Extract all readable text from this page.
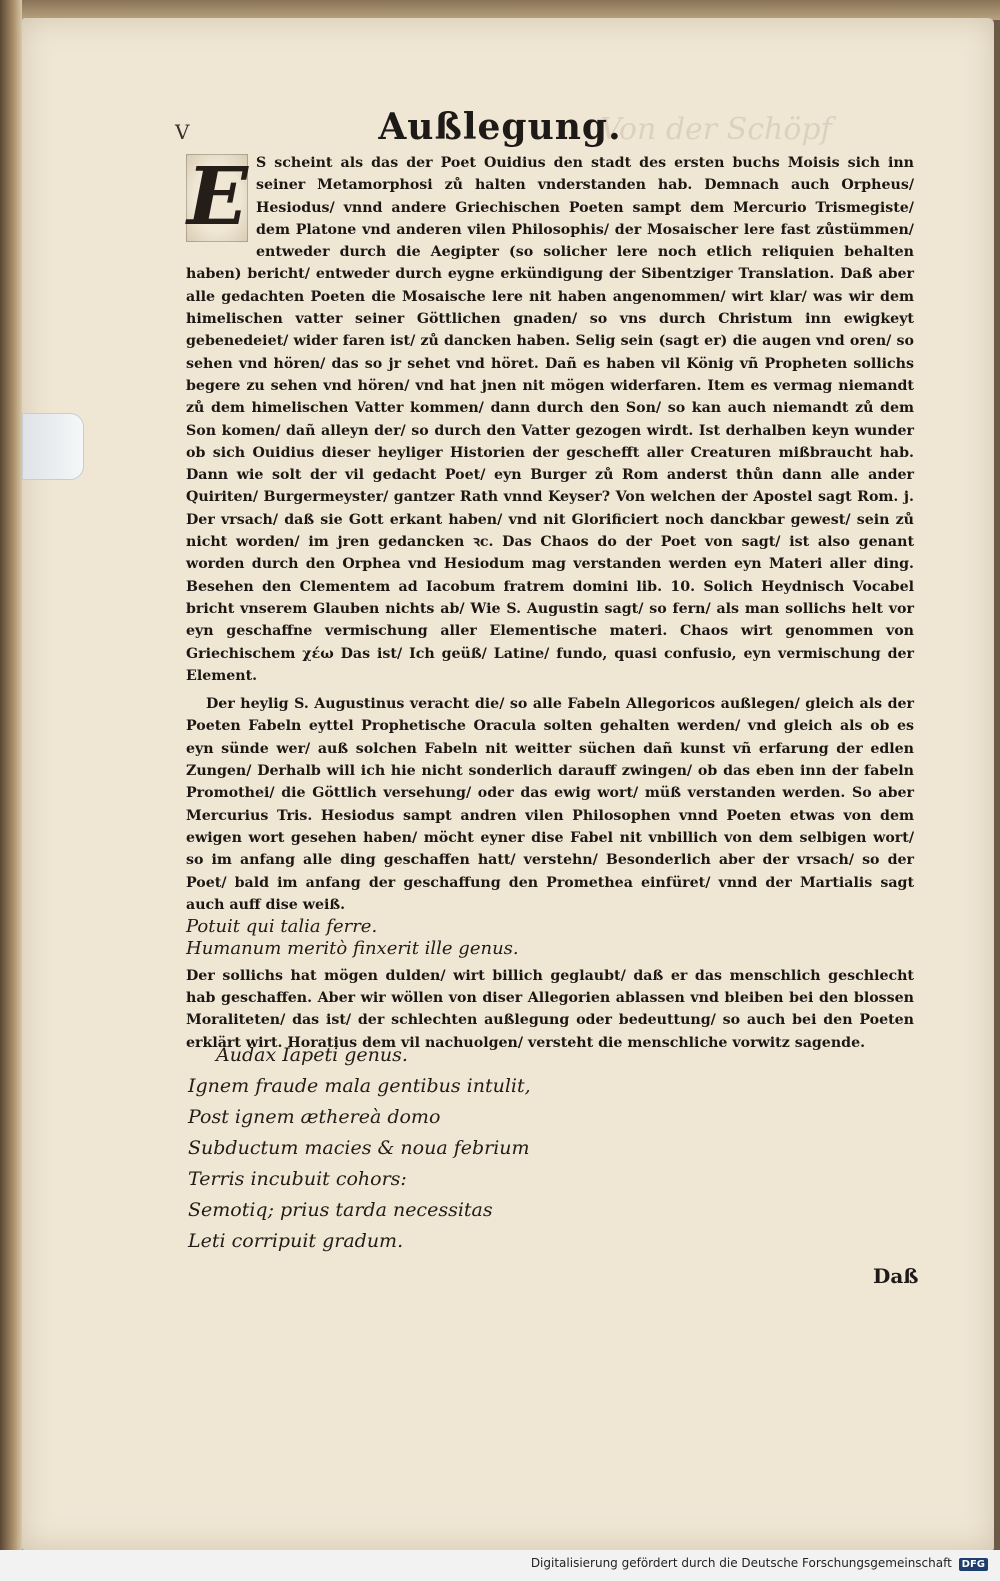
Von der Schöpf
V	Außlegung.

E S scheint als das der Poet Ouidius den stadt des ersten buchs Moisis sich inn seiner Metamorphosi zů halten vnderstanden hab. Demnach auch Orpheus/ Hesiodus/ vnnd andere Griechischen Poeten sampt dem Mercurio Trismegiste/ dem Platone vnd anderen vilen Philosophis/ der Mosaischer lere fast zůstümmen/ entweder durch die Aegipter (so solicher lere noch etlich reliquien behalten haben) bericht/ entweder durch eygne erkündigung der Sibentziger Translation. Daß aber alle gedachten Poeten die Mosaische lere nit haben angenommen/ wirt klar/ was wir dem himelischen vatter seiner Göttlichen gnaden/ so vns durch Christum inn ewigkeyt gebenedeiet/ wider faren ist/ zů dancken haben. Selig sein (sagt er) die augen vnd oren/ so sehen vnd hören/ das so jr sehet vnd höret. Dañ es haben vil König vñ Propheten sollichs begere zu sehen vnd hören/ vnd hat jnen nit mögen widerfaren. Item es vermag niemandt zů dem himelischen Vatter kommen/ dann durch den Son/ so kan auch niemandt zů dem Son komen/ dañ alleyn der/ so durch den Vatter gezogen wirdt. Ist derhalben keyn wunder ob sich Ouidius dieser heyliger Historien der geschefft aller Creaturen mißbraucht hab. Dann wie solt der vil gedacht Poet/ eyn Burger zů Rom anderst thůn dann alle ander Quiriten/ Burgermeyster/ gantzer Rath vnnd Keyser? Von welchen der Apostel sagt Rom. j. Der vrsach/ daß sie Gott erkant haben/ vnd nit Glorificiert noch danckbar gewest/ sein zů nicht worden/ im jren gedancken ꝛc. Das Chaos do der Poet von sagt/ ist also genant worden durch den Orphea vnd Hesiodum mag verstanden werden eyn Materi aller ding. Besehen den Clementem ad Iacobum fratrem domini lib. 10. Solich Heydnisch Vocabel bricht vnserem Glauben nichts ab/ Wie S. Augustin sagt/ so fern/ als man sollichs helt vor eyn geschaffne vermischung aller Elementische materi. Chaos wirt genommen von Griechischem χέω Das ist/ Ich geüß/ Latine/ fundo, quasi confusio, eyn vermischung der Element.

Der heylig S. Augustinus veracht die/ so alle Fabeln Allegoricos außlegen/ gleich als der Poeten Fabeln eyttel Prophetische Oracula solten gehalten werden/ vnd gleich als ob es eyn sünde wer/ auß solchen Fabeln nit weitter süchen dañ kunst vñ erfarung der edlen Zungen/ Derhalb will ich hie nicht sonderlich darauff zwingen/ ob das eben inn der fabeln Promothei/ die Göttlich versehung/ oder das ewig wort/ müß verstanden werden. So aber Mercurius Tris. Hesiodus sampt andren vilen Philosophen vnnd Poeten etwas von dem ewigen wort gesehen haben/ möcht eyner dise Fabel nit vnbillich von dem selbigen wort/ so im anfang alle ding geschaffen hatt/ verstehn/ Besonderlich aber der vrsach/ so der Poet/ bald im anfang der geschaffung den Promethea einfüret/ vnnd der Martialis sagt auch auff dise weiß.

Potuit qui talia ferre.

Humanum meritò finxerit ille genus.

Der sollichs hat mögen dulden/ wirt billich geglaubt/ daß er das menschlich geschlecht hab geschaffen. Aber wir wöllen von diser Allegorien ablassen vnd bleiben bei den blossen Moraliteten/ das ist/ der schlechten außlegung oder bedeuttung/ so auch bei den Poeten erklärt wirt. Horatius dem vil nachuolgen/ versteht die menschliche vorwitz sagende.

Audax Iapeti genus.
Ignem fraude mala gentibus intulit,
Post ignem æthereà domo
Subductum macies & noua febrium
Terris incubuit cohors:
Semotiq; prius tarda necessitas
Leti corripuit gradum.
Daß
Digitalisierung gefördert durch die Deutsche Forschungsgemeinschaft DFG
